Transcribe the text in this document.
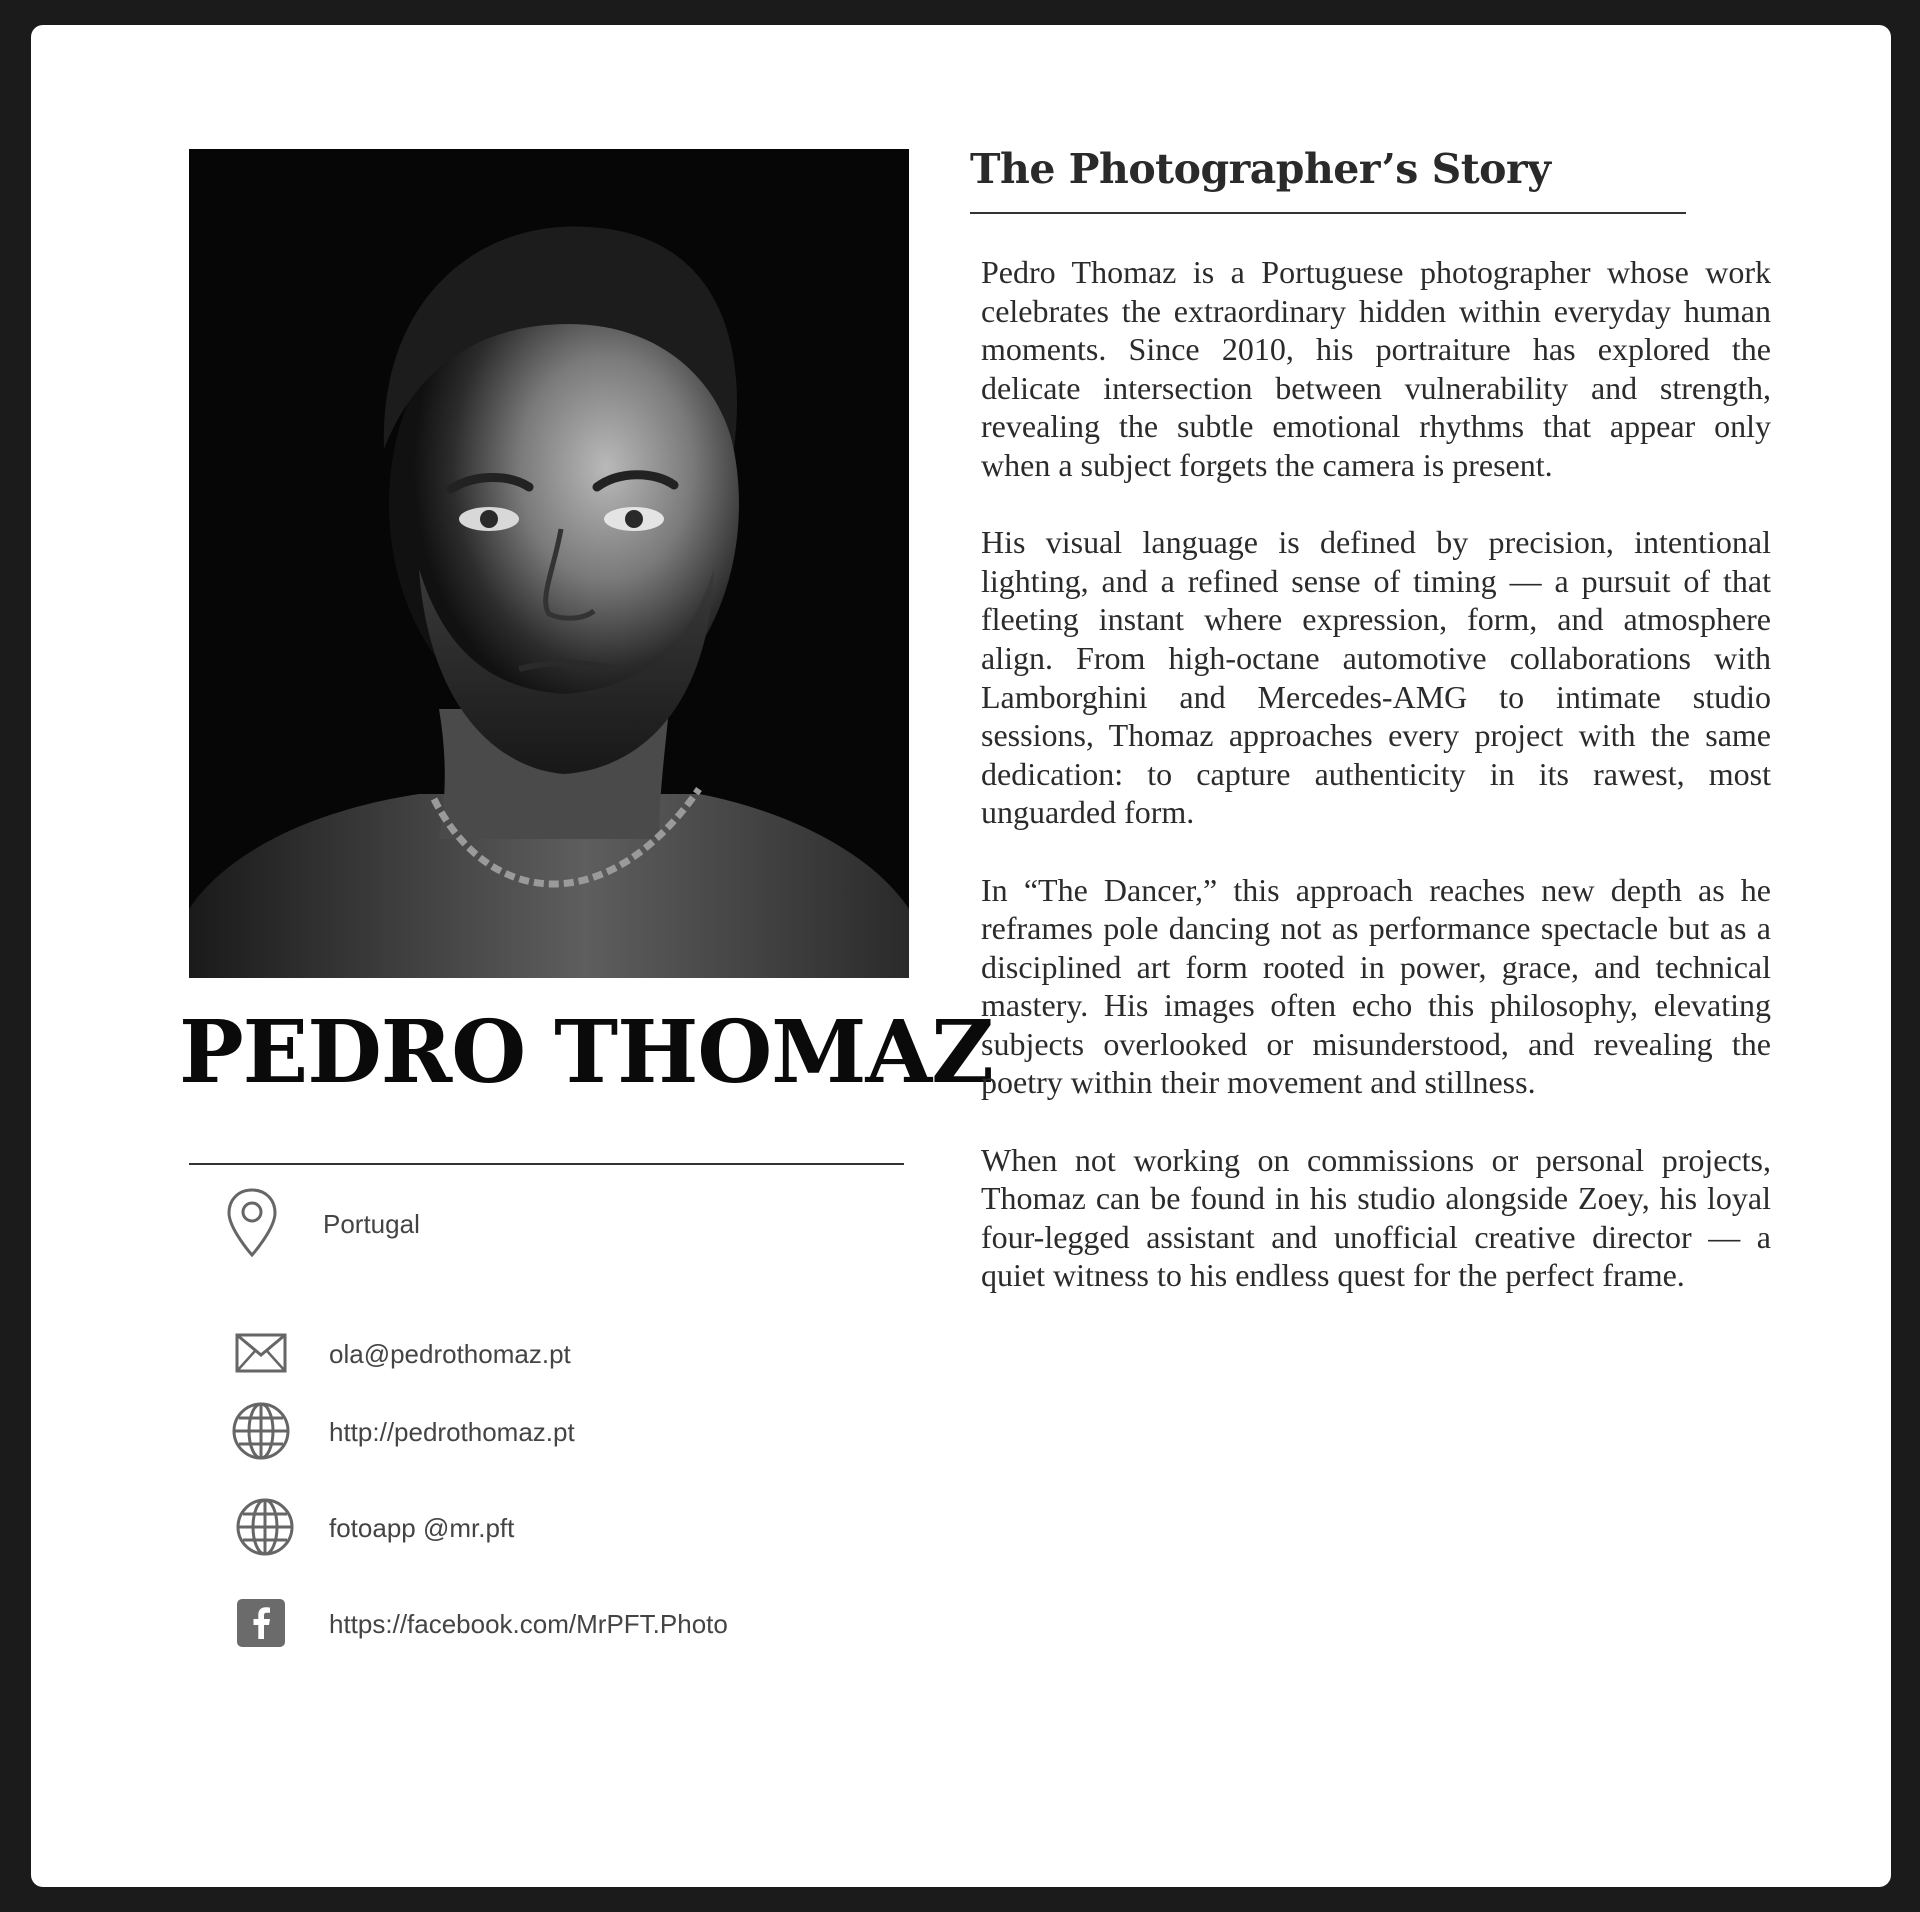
PEDRO THOMAZ
Portugal
ola@pedrothomaz.pt
http://pedrothomaz.pt
fotoapp @mr.pft
https://facebook.com/MrPFT.Photo
The Photographer’s Story

Pedro Thomaz is a Portuguese photographer whose work celebrates the extraordinary hidden within everyday human moments. Since 2010, his portraiture has explored the delicate intersection between vulnerability and strength, revealing the subtle emotional rhythms that appear only when a subject forgets the camera is present.

His visual language is defined by precision, intentional lighting, and a refined sense of timing — a pursuit of that fleeting instant where expression, form, and atmosphere align. From high-octane automotive collaborations with Lamborghini and Mercedes-AMG to intimate studio sessions, Thomaz approaches every project with the same dedication: to capture authenticity in its rawest, most unguarded form.

In “The Dancer,” this approach reaches new depth as he reframes pole dancing not as performance spectacle but as a disciplined art form rooted in power, grace, and technical mastery. His images often echo this philosophy, elevating subjects overlooked or misunderstood, and revealing the poetry within their movement and stillness.

When not working on commissions or personal projects, Thomaz can be found in his studio alongside Zoey, his loyal four-legged assistant and unofficial creative director — a quiet witness to his endless quest for the perfect frame.
